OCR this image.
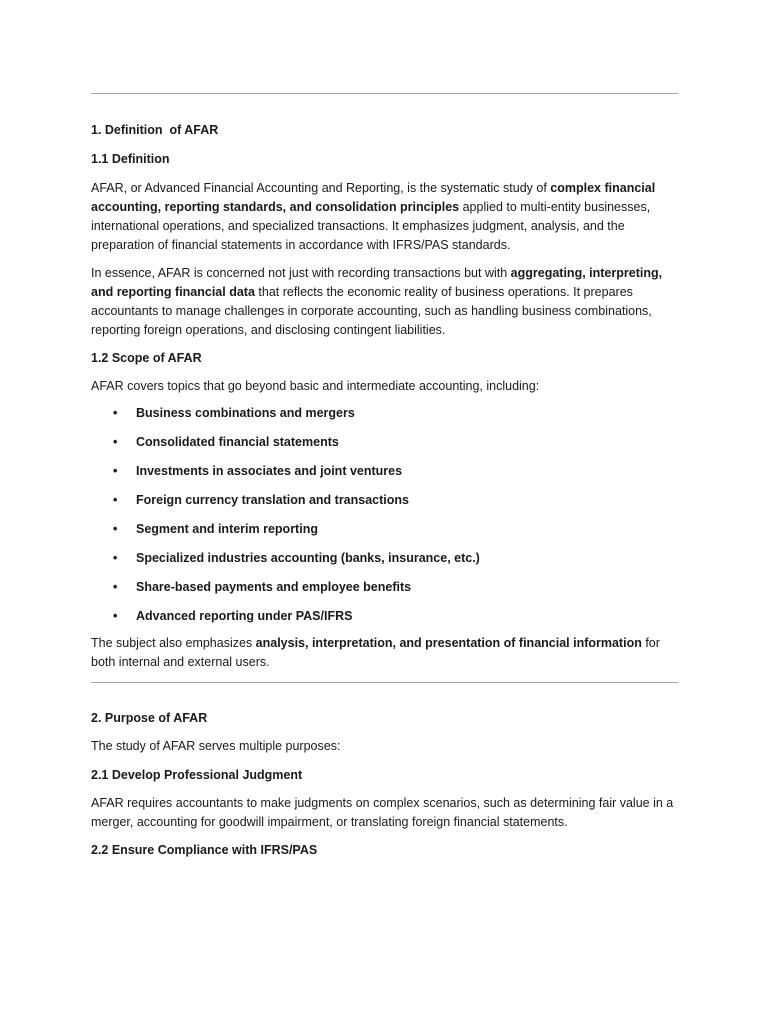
1. Definition  of AFAR
1.1 Definition

AFAR, or Advanced Financial Accounting and Reporting, is the systematic study of complex financial accounting, reporting standards, and consolidation principles applied to multi-entity businesses, international operations, and specialized transactions. It emphasizes judgment, analysis, and the preparation of financial statements in accordance with IFRS/PAS standards.

In essence, AFAR is concerned not just with recording transactions but with aggregating, interpreting, and reporting financial data that reflects the economic reality of business operations. It prepares accountants to manage challenges in corporate accounting, such as handling business combinations, reporting foreign operations, and disclosing contingent liabilities.

1.2 Scope of AFAR

AFAR covers topics that go beyond basic and intermediate accounting, including:

• Business combinations and mergers
• Consolidated financial statements
• Investments in associates and joint ventures
• Foreign currency translation and transactions
• Segment and interim reporting
• Specialized industries accounting (banks, insurance, etc.)
• Share-based payments and employee benefits
• Advanced reporting under PAS/IFRS

The subject also emphasizes analysis, interpretation, and presentation of financial information for both internal and external users.

2. Purpose of AFAR

The study of AFAR serves multiple purposes:

2.1 Develop Professional Judgment

AFAR requires accountants to make judgments on complex scenarios, such as determining fair value in a merger, accounting for goodwill impairment, or translating foreign financial statements.

2.2 Ensure Compliance with IFRS/PAS
